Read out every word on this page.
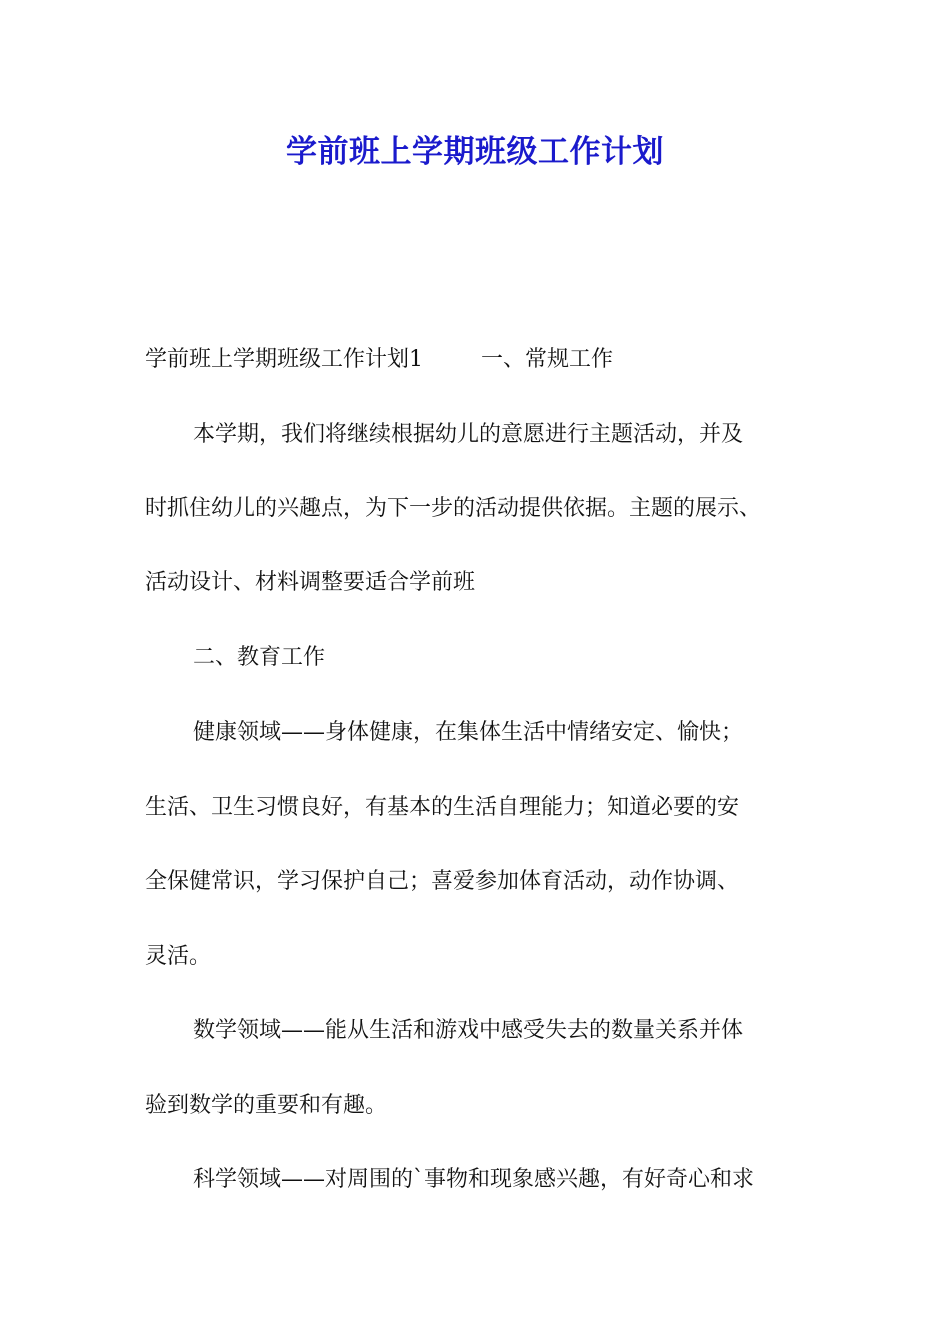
学前班上学期班级工作计划
学前班上学期班级工作计划1	一、常规工作
本学期，我们将继续根据幼儿的意愿进行主题活动，并及
时抓住幼儿的兴趣点，为下一步的活动提供依据。主题的展示、
活动设计、材料调整要适合学前班
二、教育工作
健康领域——身体健康，在集体生活中情绪安定、愉快；
生活、卫生习惯良好，有基本的生活自理能力；知道必要的安
全保健常识，学习保护自己；喜爱参加体育活动，动作协调、
灵活。
数学领域——能从生活和游戏中感受失去的数量关系并体
验到数学的重要和有趣。
科学领域——对周围的`事物和现象感兴趣，有好奇心和求
